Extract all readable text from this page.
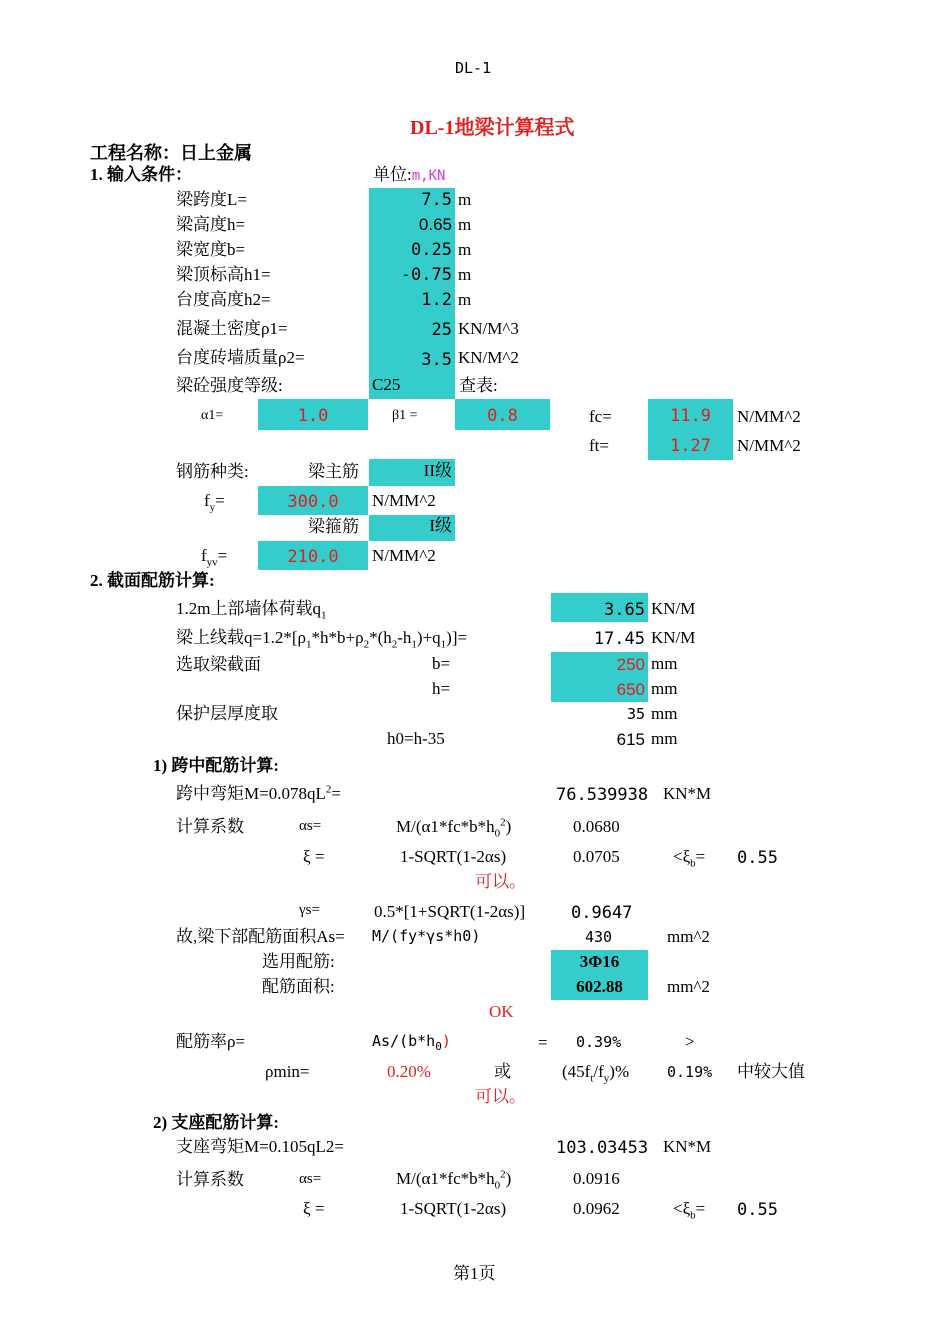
DL-1
DL-1地梁计算程式
工程名称：日上金属
1. 输入条件：	单位:m,KN
梁跨度L=	7.5 m
梁高度h=	0.65 m
梁宽度b=	0.25 m
梁顶标高h1=	-0.75 m
台度高度h2=	1.2 m
混凝土密度ρ1=	25 KN/M^3
台度砖墙质量ρ2=	3.5 KN/M^2
梁砼强度等级:	C25	查表:
α1=	1.0	β1 =	0.8	fc=	11.9	N/MM^2
ft=	1.27	N/MM^2
钢筋种类:	梁主筋	II级
$f_y=$	300.0	N/MM^2
梁箍筋	I级
$f_{yv}=$	210.0	N/MM^2
2. 截面配筋计算:
1.2m上部墙体荷载$q_1$	3.65 KN/M
梁上线载$q=1.2*[\rho_1*h*b+\rho_2*(h_2-h_1)+q_1)]=$	17.45 KN/M
选取梁截面	b=	250 mm
h=	650 mm
保护层厚度取	35 mm
h0=h-35	615 mm
1) 跨中配筋计算:
跨中弯矩$M=0.078qL^2=$	76.539938 KN*M
计算系数	αs=	$M/(\alpha 1*fc*b*h_0^2)$	0.0680
ξ =	1-SQRT(1-2αs)	0.0705	$<\xi_b= 0.55$
可以。
γs=	0.5*[1+SQRT(1-2αs)]	0.9647
故,梁下部配筋面积As= M/(fy*γs*h0)	430	mm^2
选用配筋:	3Φ16
配筋面积:	602.88	mm^2
OK
配筋率ρ=	$As/(b*h_0)$	= 0.39%	>
ρmin=	0.20%	或	$(45f_t/f_y)\%$	0.19% 中较大值
可以。
2) 支座配筋计算:
支座弯矩M=0.105qL2=	103.03453 KN*M
计算系数	αs=	$M/(\alpha 1*fc*b*h_0^2)$	0.0916
ξ =	1-SQRT(1-2αs)	0.0962	$<\xi_b= 0.55$
第1页
